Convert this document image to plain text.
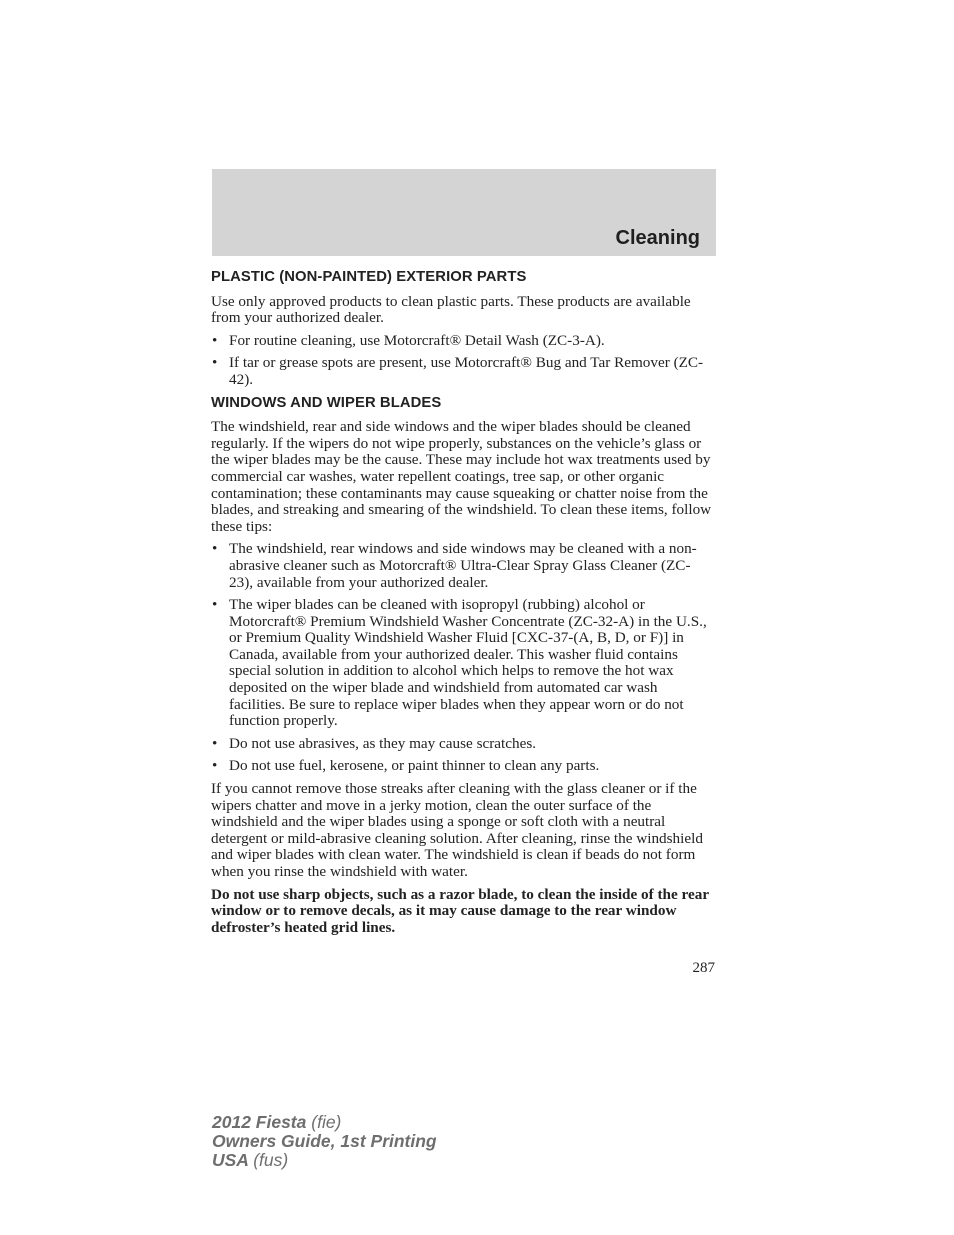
Cleaning
PLASTIC (NON-PAINTED) EXTERIOR PARTS

Use only approved products to clean plastic parts. These products are available from your authorized dealer.

• For routine cleaning, use Motorcraft® Detail Wash (ZC-3-A).
• If tar or grease spots are present, use Motorcraft® Bug and Tar Remover (ZC-42).
WINDOWS AND WIPER BLADES

The windshield, rear and side windows and the wiper blades should be cleaned regularly. If the wipers do not wipe properly, substances on the vehicle’s glass or the wiper blades may be the cause. These may include hot wax treatments used by commercial car washes, water repellent coatings, tree sap, or other organic contamination; these contaminants may cause squeaking or chatter noise from the blades, and streaking and smearing of the windshield. To clean these items, follow these tips:

• The windshield, rear windows and side windows may be cleaned with a non-abrasive cleaner such as Motorcraft® Ultra-Clear Spray Glass Cleaner (ZC-23), available from your authorized dealer.
• The wiper blades can be cleaned with isopropyl (rubbing) alcohol or Motorcraft® Premium Windshield Washer Concentrate (ZC-32-A) in the U.S., or Premium Quality Windshield Washer Fluid [CXC-37-(A, B, D, or F)] in Canada, available from your authorized dealer. This washer fluid contains special solution in addition to alcohol which helps to remove the hot wax deposited on the wiper blade and windshield from automated car wash facilities. Be sure to replace wiper blades when they appear worn or do not function properly.
• Do not use abrasives, as they may cause scratches.
• Do not use fuel, kerosene, or paint thinner to clean any parts.

If you cannot remove those streaks after cleaning with the glass cleaner or if the wipers chatter and move in a jerky motion, clean the outer surface of the windshield and the wiper blades using a sponge or soft cloth with a neutral detergent or mild-abrasive cleaning solution. After cleaning, rinse the windshield and wiper blades with clean water. The windshield is clean if beads do not form when you rinse the windshield with water.

Do not use sharp objects, such as a razor blade, to clean the inside of the rear window or to remove decals, as it may cause damage to the rear window defroster’s heated grid lines.

287
2012 Fiesta (fie)
Owners Guide, 1st Printing
USA (fus)
